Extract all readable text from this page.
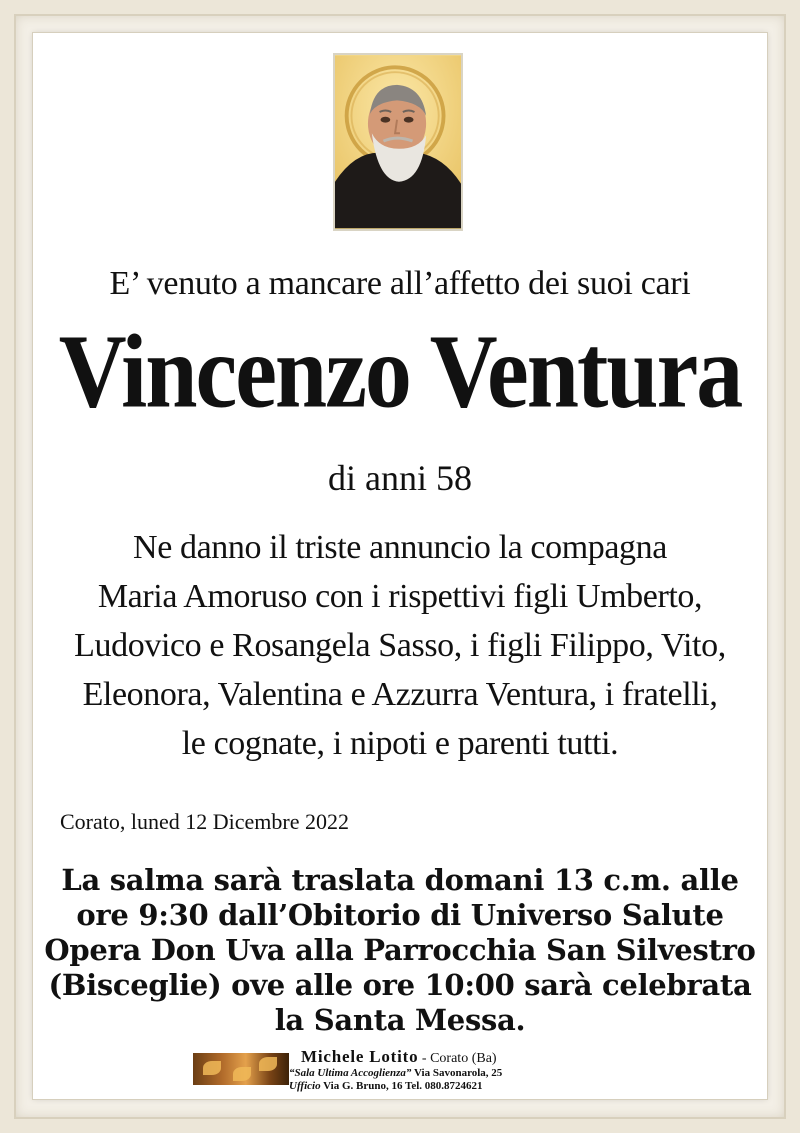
E’ venuto a mancare all’affetto dei suoi cari
Vincenzo Ventura
di anni 58
Ne danno il triste annuncio la compagna
Maria Amoruso con i rispettivi figli Umberto,
Ludovico e Rosangela Sasso, i figli Filippo, Vito,
Eleonora, Valentina e Azzurra Ventura, i fratelli,
le cognate, i nipoti e parenti tutti.
Corato, luned 12 Dicembre 2022
La salma sarà traslata domani 13 c.m. alle
ore 9:30 dall’Obitorio di Universo Salute
Opera Don Uva alla Parrocchia San Silvestro
(Bisceglie) ove alle ore 10:00 sarà celebrata
la Santa Messa.
Michele Lotito - Corato (Ba)
“Sala Ultima Accoglienza” Via Savonarola, 25
Ufficio Via G. Bruno, 16 Tel. 080.8724621
